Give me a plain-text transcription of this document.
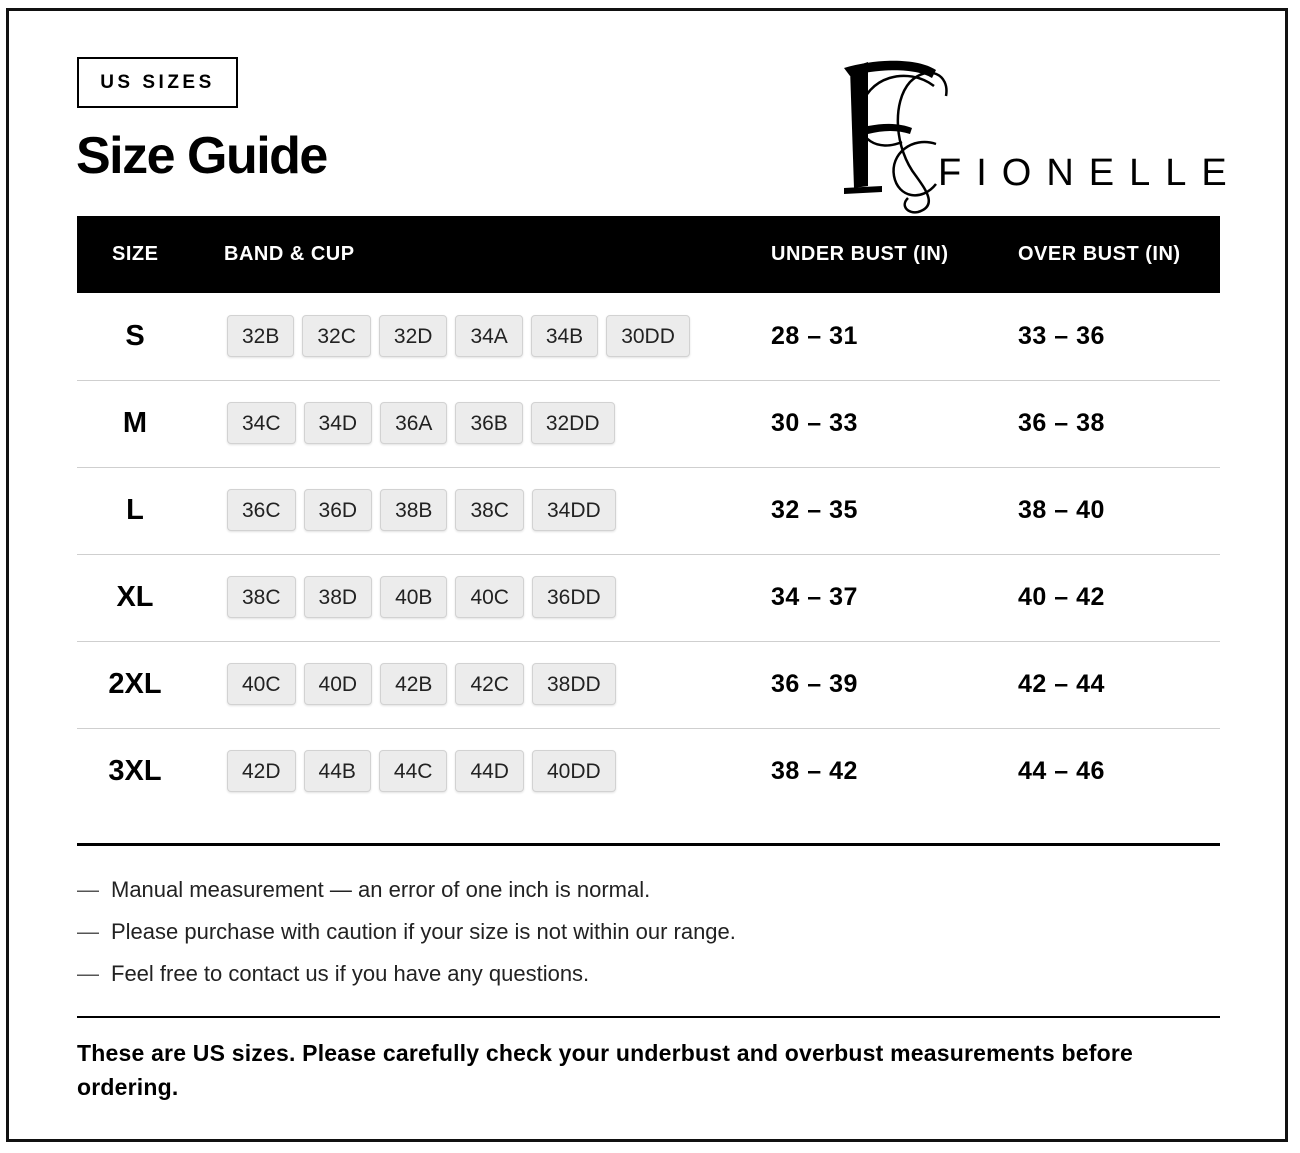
US SIZES
Size Guide	FIONELLE
SIZE	BAND & CUP	UNDER BUST (IN)	OVER BUST (IN)
S	32B	32C	32D	34A	34B	30DD	28 – 31	33 – 36
M	34C	34D	36A	36B	32DD	30 – 33	36 – 38
L	36C	36D	38B	38C	34DD	32 – 35	38 – 40
XL	38C	38D	40B	40C	36DD	34 – 37	40 – 42
2XL	40C	40D	42B	42C	38DD	36 – 39	42 – 44
3XL	42D	44B	44C	44D	40DD	38 – 42	44 – 46
— Manual measurement — an error of one inch is normal.
— Please purchase with caution if your size is not within our range.
— Feel free to contact us if you have any questions.

These are US sizes. Please carefully check your underbust and overbust measurements before ordering.
